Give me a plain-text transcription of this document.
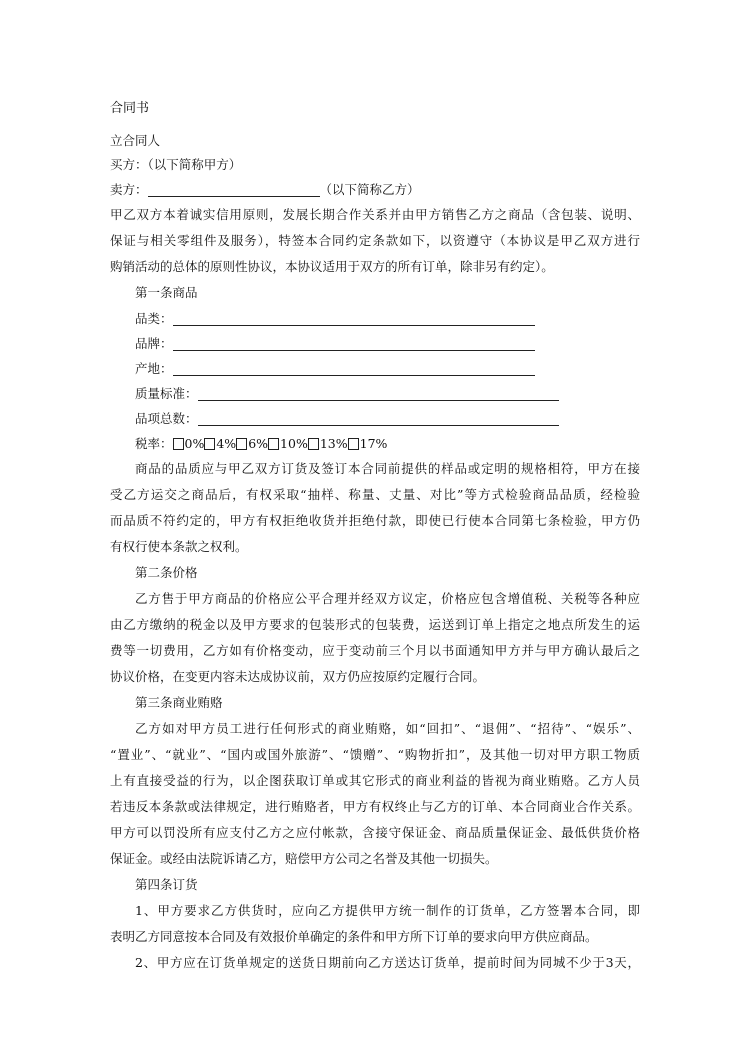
合同书
立合同人
买方：（以下简称甲方）
卖方：	（以下简称乙方）
甲乙双方本着诚实信用原则，发展长期合作关系并由甲方销售乙方之商品（含包装、说明、
保证与相关零组件及服务），特签本合同约定条款如下，以资遵守（本协议是甲乙双方进行
购销活动的总体的原则性协议，本协议适用于双方的所有订单，除非另有约定）。
第一条商品
品类：
品牌：
产地：
质量标准：
品项总数：
税率： 0% 4% 6% 10% 13% 17%
商品的品质应与甲乙双方订货及签订本合同前提供的样品或定明的规格相符，甲方在接
受乙方运交之商品后，有权采取“抽样、称量、丈量、对比”等方式检验商品品质，经检验
而品质不符约定的，甲方有权拒绝收货并拒绝付款，即使已行使本合同第七条检验，甲方仍
有权行使本条款之权利。
第二条价格
乙方售于甲方商品的价格应公平合理并经双方议定，价格应包含增值税、关税等各种应
由乙方缴纳的税金以及甲方要求的包装形式的包装费，运送到订单上指定之地点所发生的运
费等一切费用，乙方如有价格变动，应于变动前三个月以书面通知甲方并与甲方确认最后之
协议价格，在变更内容未达成协议前，双方仍应按原约定履行合同。
第三条商业贿赂
乙方如对甲方员工进行任何形式的商业贿赂，如“回扣”、“退佣”、“招待”、“娱乐”、
“置业”、“就业”、“国内或国外旅游”、“馈赠”、“购物折扣”，及其他一切对甲方职工物质
上有直接受益的行为，以企图获取订单或其它形式的商业利益的皆视为商业贿赂。乙方人员
若违反本条款或法律规定，进行贿赂者，甲方有权终止与乙方的订单、本合同商业合作关系。
甲方可以罚没所有应支付乙方之应付帐款，含接守保证金、商品质量保证金、最低供货价格
保证金。或经由法院诉请乙方，赔偿甲方公司之名誉及其他一切损失。
第四条订货
1、甲方要求乙方供货时，应向乙方提供甲方统一制作的订货单，乙方签署本合同，即
表明乙方同意按本合同及有效报价单确定的条件和甲方所下订单的要求向甲方供应商品。
2、甲方应在订货单规定的送货日期前向乙方送达订货单，提前时间为同城不少于3天，
